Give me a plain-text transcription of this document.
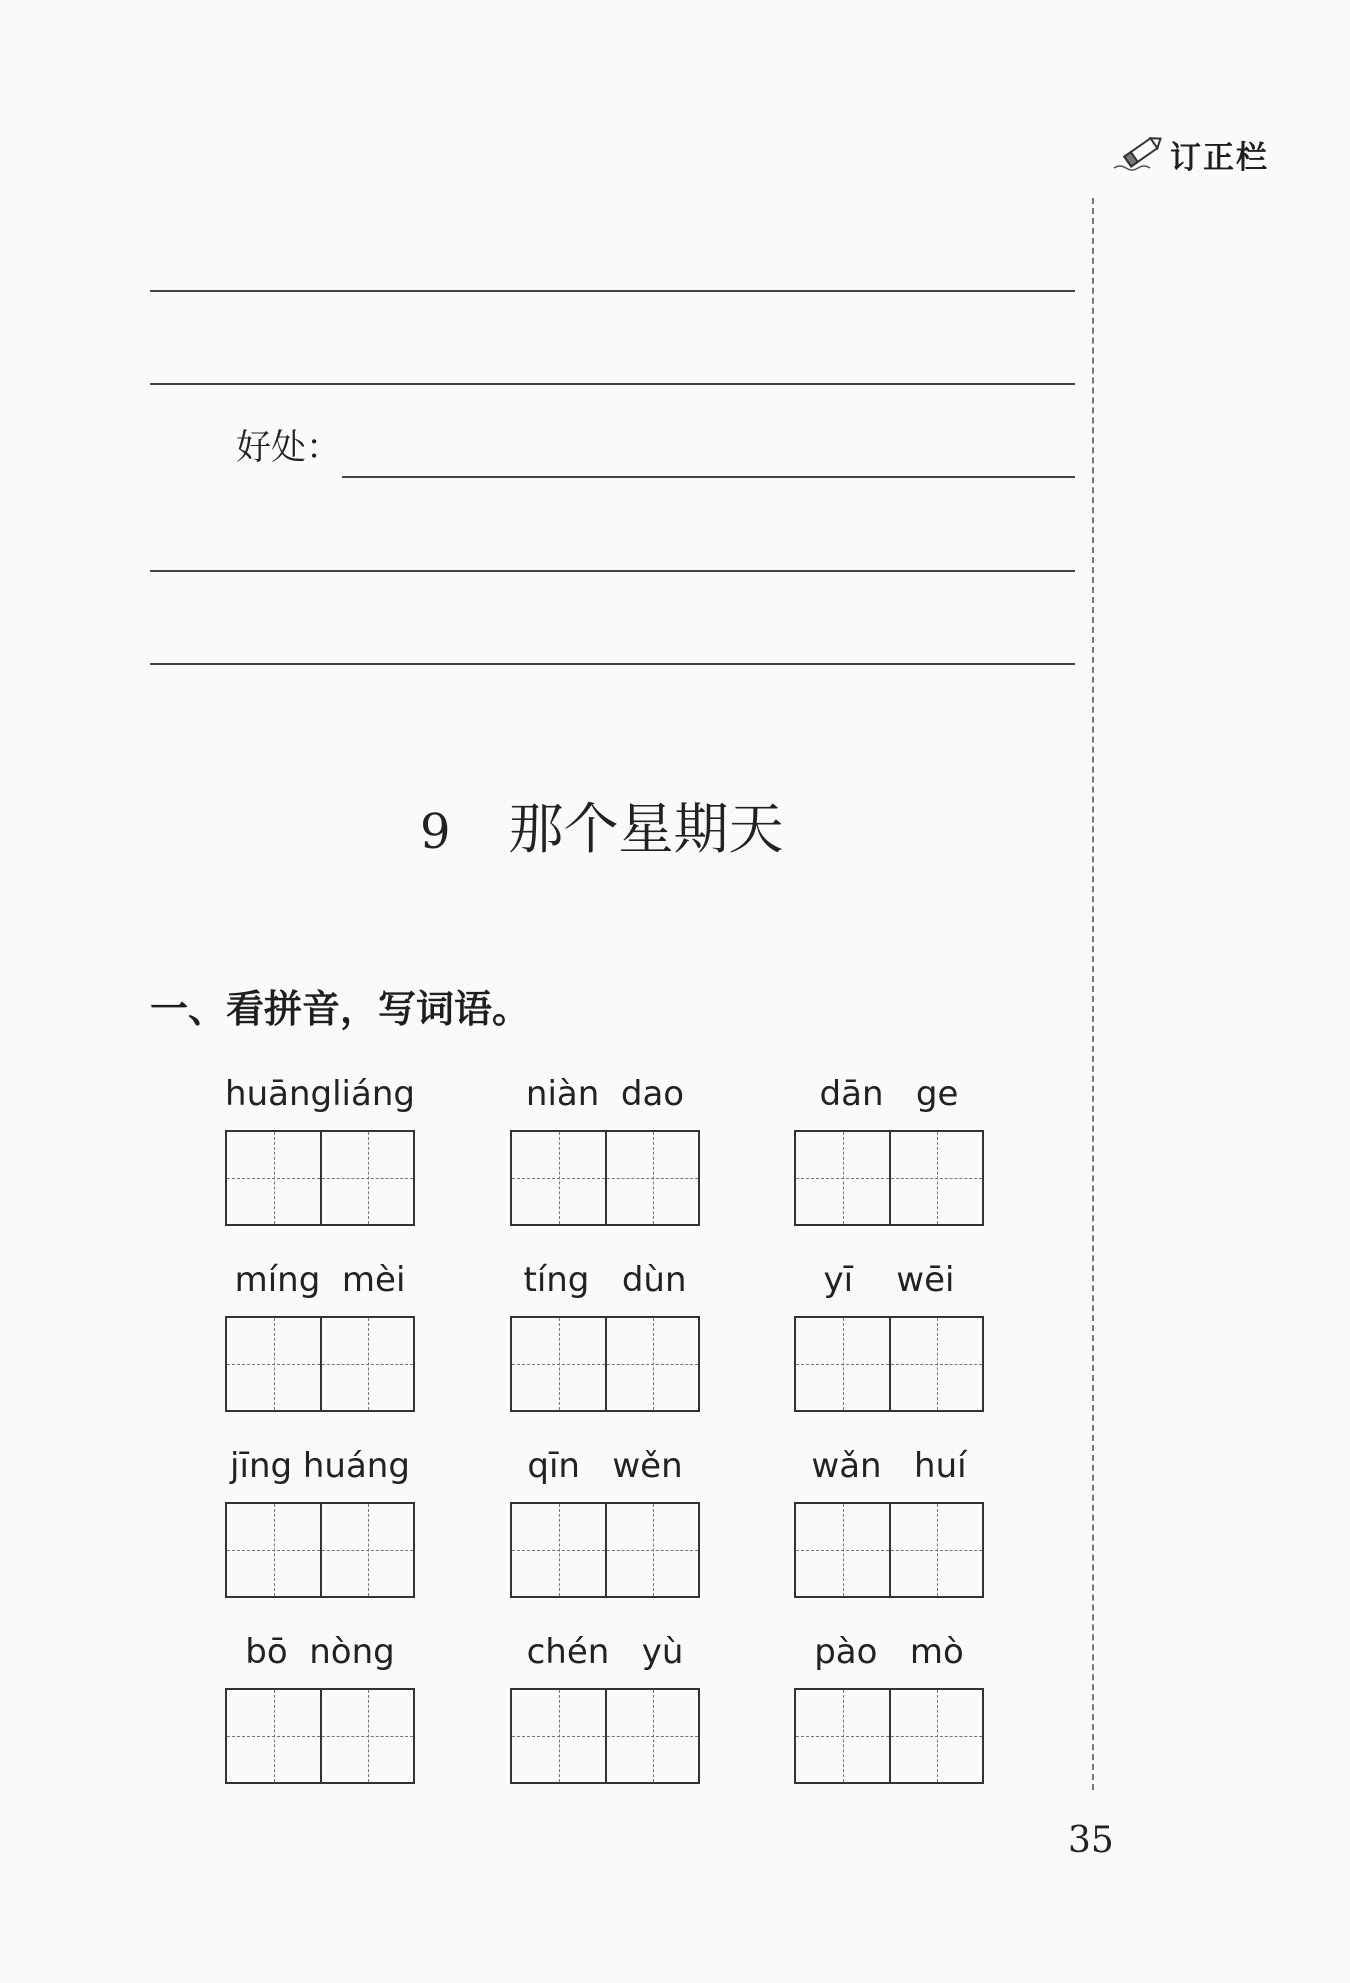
订正栏
好处：
9 那个星期天
一、看拼音，写词语。
huāngliáng	niàn  dao	dān   ge
míng  mèi	tíng   dùn	yī    wēi
jīng huáng	qīn   wěn	wǎn   huí
bō  nòng	chén   yù	pào   mò
35
